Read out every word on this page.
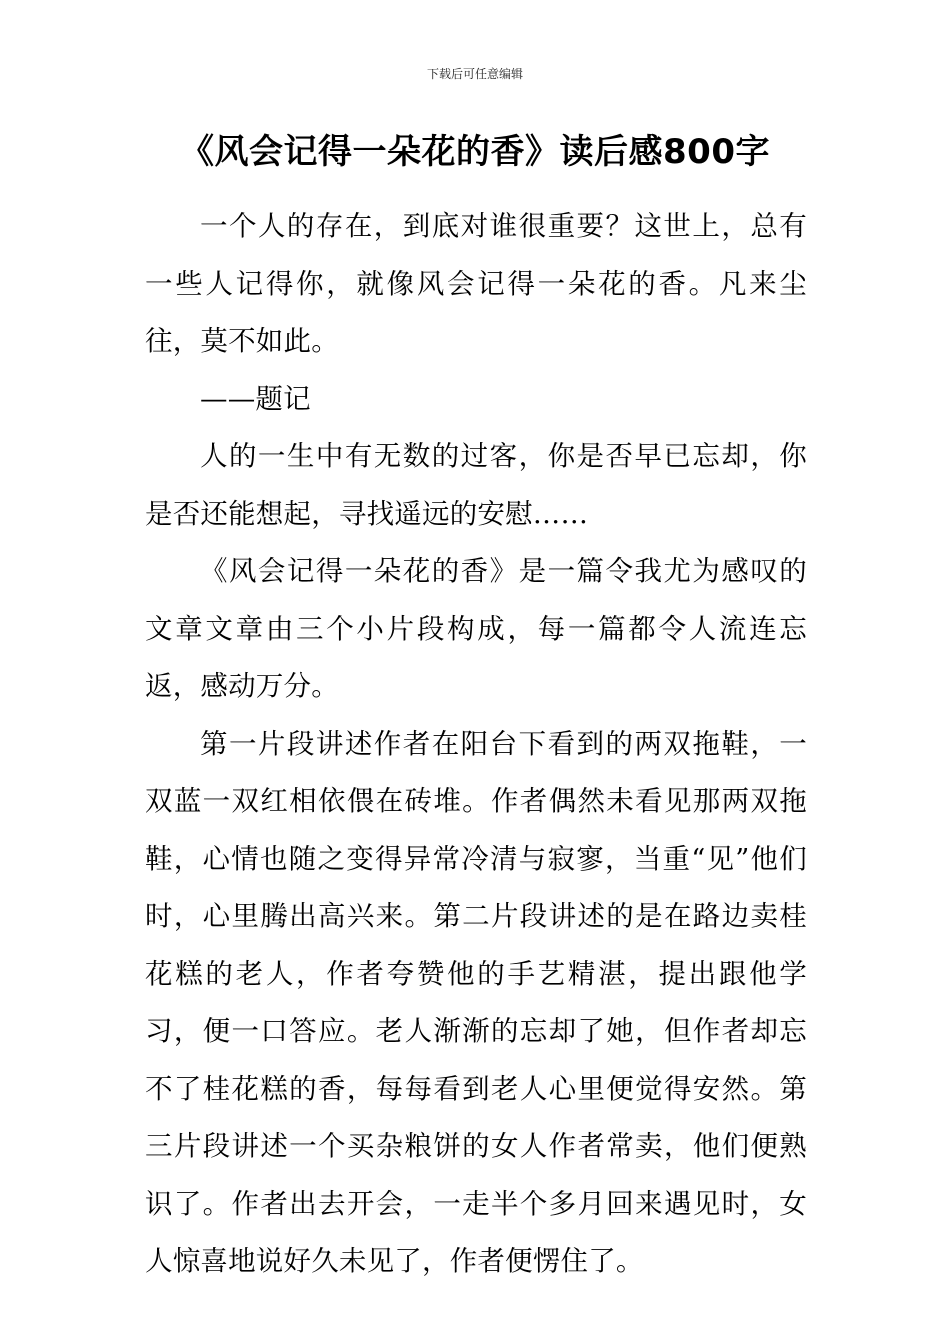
下载后可任意编辑
《风会记得一朵花的香》读后感800字

一个人的存在，到底对谁很重要？这世上，总有一些人记得你，就像风会记得一朵花的香。凡来尘往，莫不如此。

——题记

人的一生中有无数的过客，你是否早已忘却，你是否还能想起，寻找遥远的安慰……

《风会记得一朵花的香》是一篇令我尤为感叹的文章文章由三个小片段构成，每一篇都令人流连忘返，感动万分。

第一片段讲述作者在阳台下看到的两双拖鞋，一双蓝一双红相依偎在砖堆。作者偶然未看见那两双拖鞋，心情也随之变得异常冷清与寂寥，当重“见”他们时，心里腾出高兴来。第二片段讲述的是在路边卖桂花糕的老人，作者夸赞他的手艺精湛，提出跟他学习，便一口答应。老人渐渐的忘却了她，但作者却忘不了桂花糕的香，每每看到老人心里便觉得安然。第三片段讲述一个买杂粮饼的女人作者常卖，他们便熟识了。作者出去开会，一走半个多月回来遇见时，女人惊喜地说好久未见了，作者便愣住了。
